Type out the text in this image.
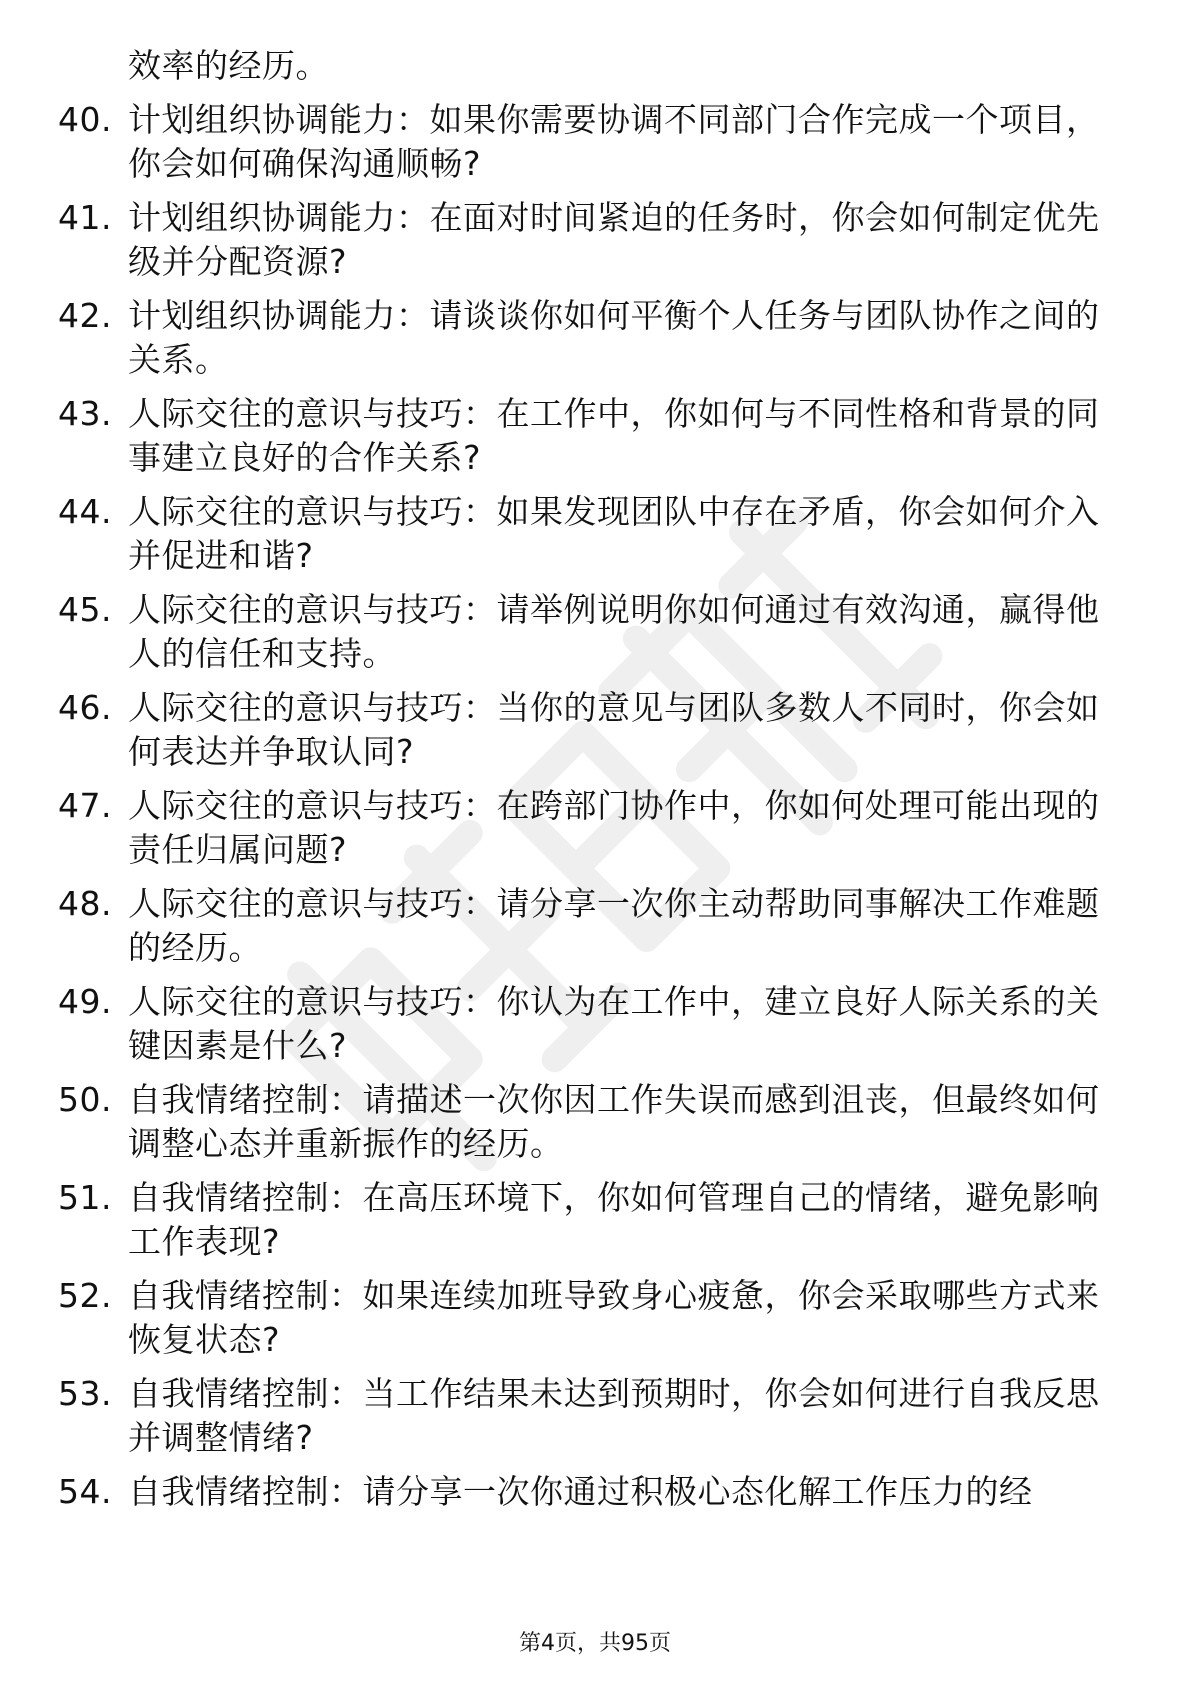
效率的经历。
40. 计划组织协调能力：如果你需要协调不同部门合作完成一个项目，你会如何确保沟通顺畅?
41. 计划组织协调能力：在面对时间紧迫的任务时，你会如何制定优先级并分配资源?
42. 计划组织协调能力：请谈谈你如何平衡个人任务与团队协作之间的关系。
43. 人际交往的意识与技巧：在工作中，你如何与不同性格和背景的同事建立良好的合作关系?
44. 人际交往的意识与技巧：如果发现团队中存在矛盾，你会如何介入并促进和谐?
45. 人际交往的意识与技巧：请举例说明你如何通过有效沟通，赢得他人的信任和支持。
46. 人际交往的意识与技巧：当你的意见与团队多数人不同时，你会如何表达并争取认同?
47. 人际交往的意识与技巧：在跨部门协作中，你如何处理可能出现的责任归属问题?
48. 人际交往的意识与技巧：请分享一次你主动帮助同事解决工作难题的经历。
49. 人际交往的意识与技巧：你认为在工作中，建立良好人际关系的关键因素是什么?
50. 自我情绪控制：请描述一次你因工作失误而感到沮丧，但最终如何调整心态并重新振作的经历。
51. 自我情绪控制：在高压环境下，你如何管理自己的情绪，避免影响工作表现?
52. 自我情绪控制：如果连续加班导致身心疲惫，你会采取哪些方式来恢复状态?
53. 自我情绪控制：当工作结果未达到预期时，你会如何进行自我反思并调整情绪?
54. 自我情绪控制：请分享一次你通过积极心态化解工作压力的经
第4页，共95页
